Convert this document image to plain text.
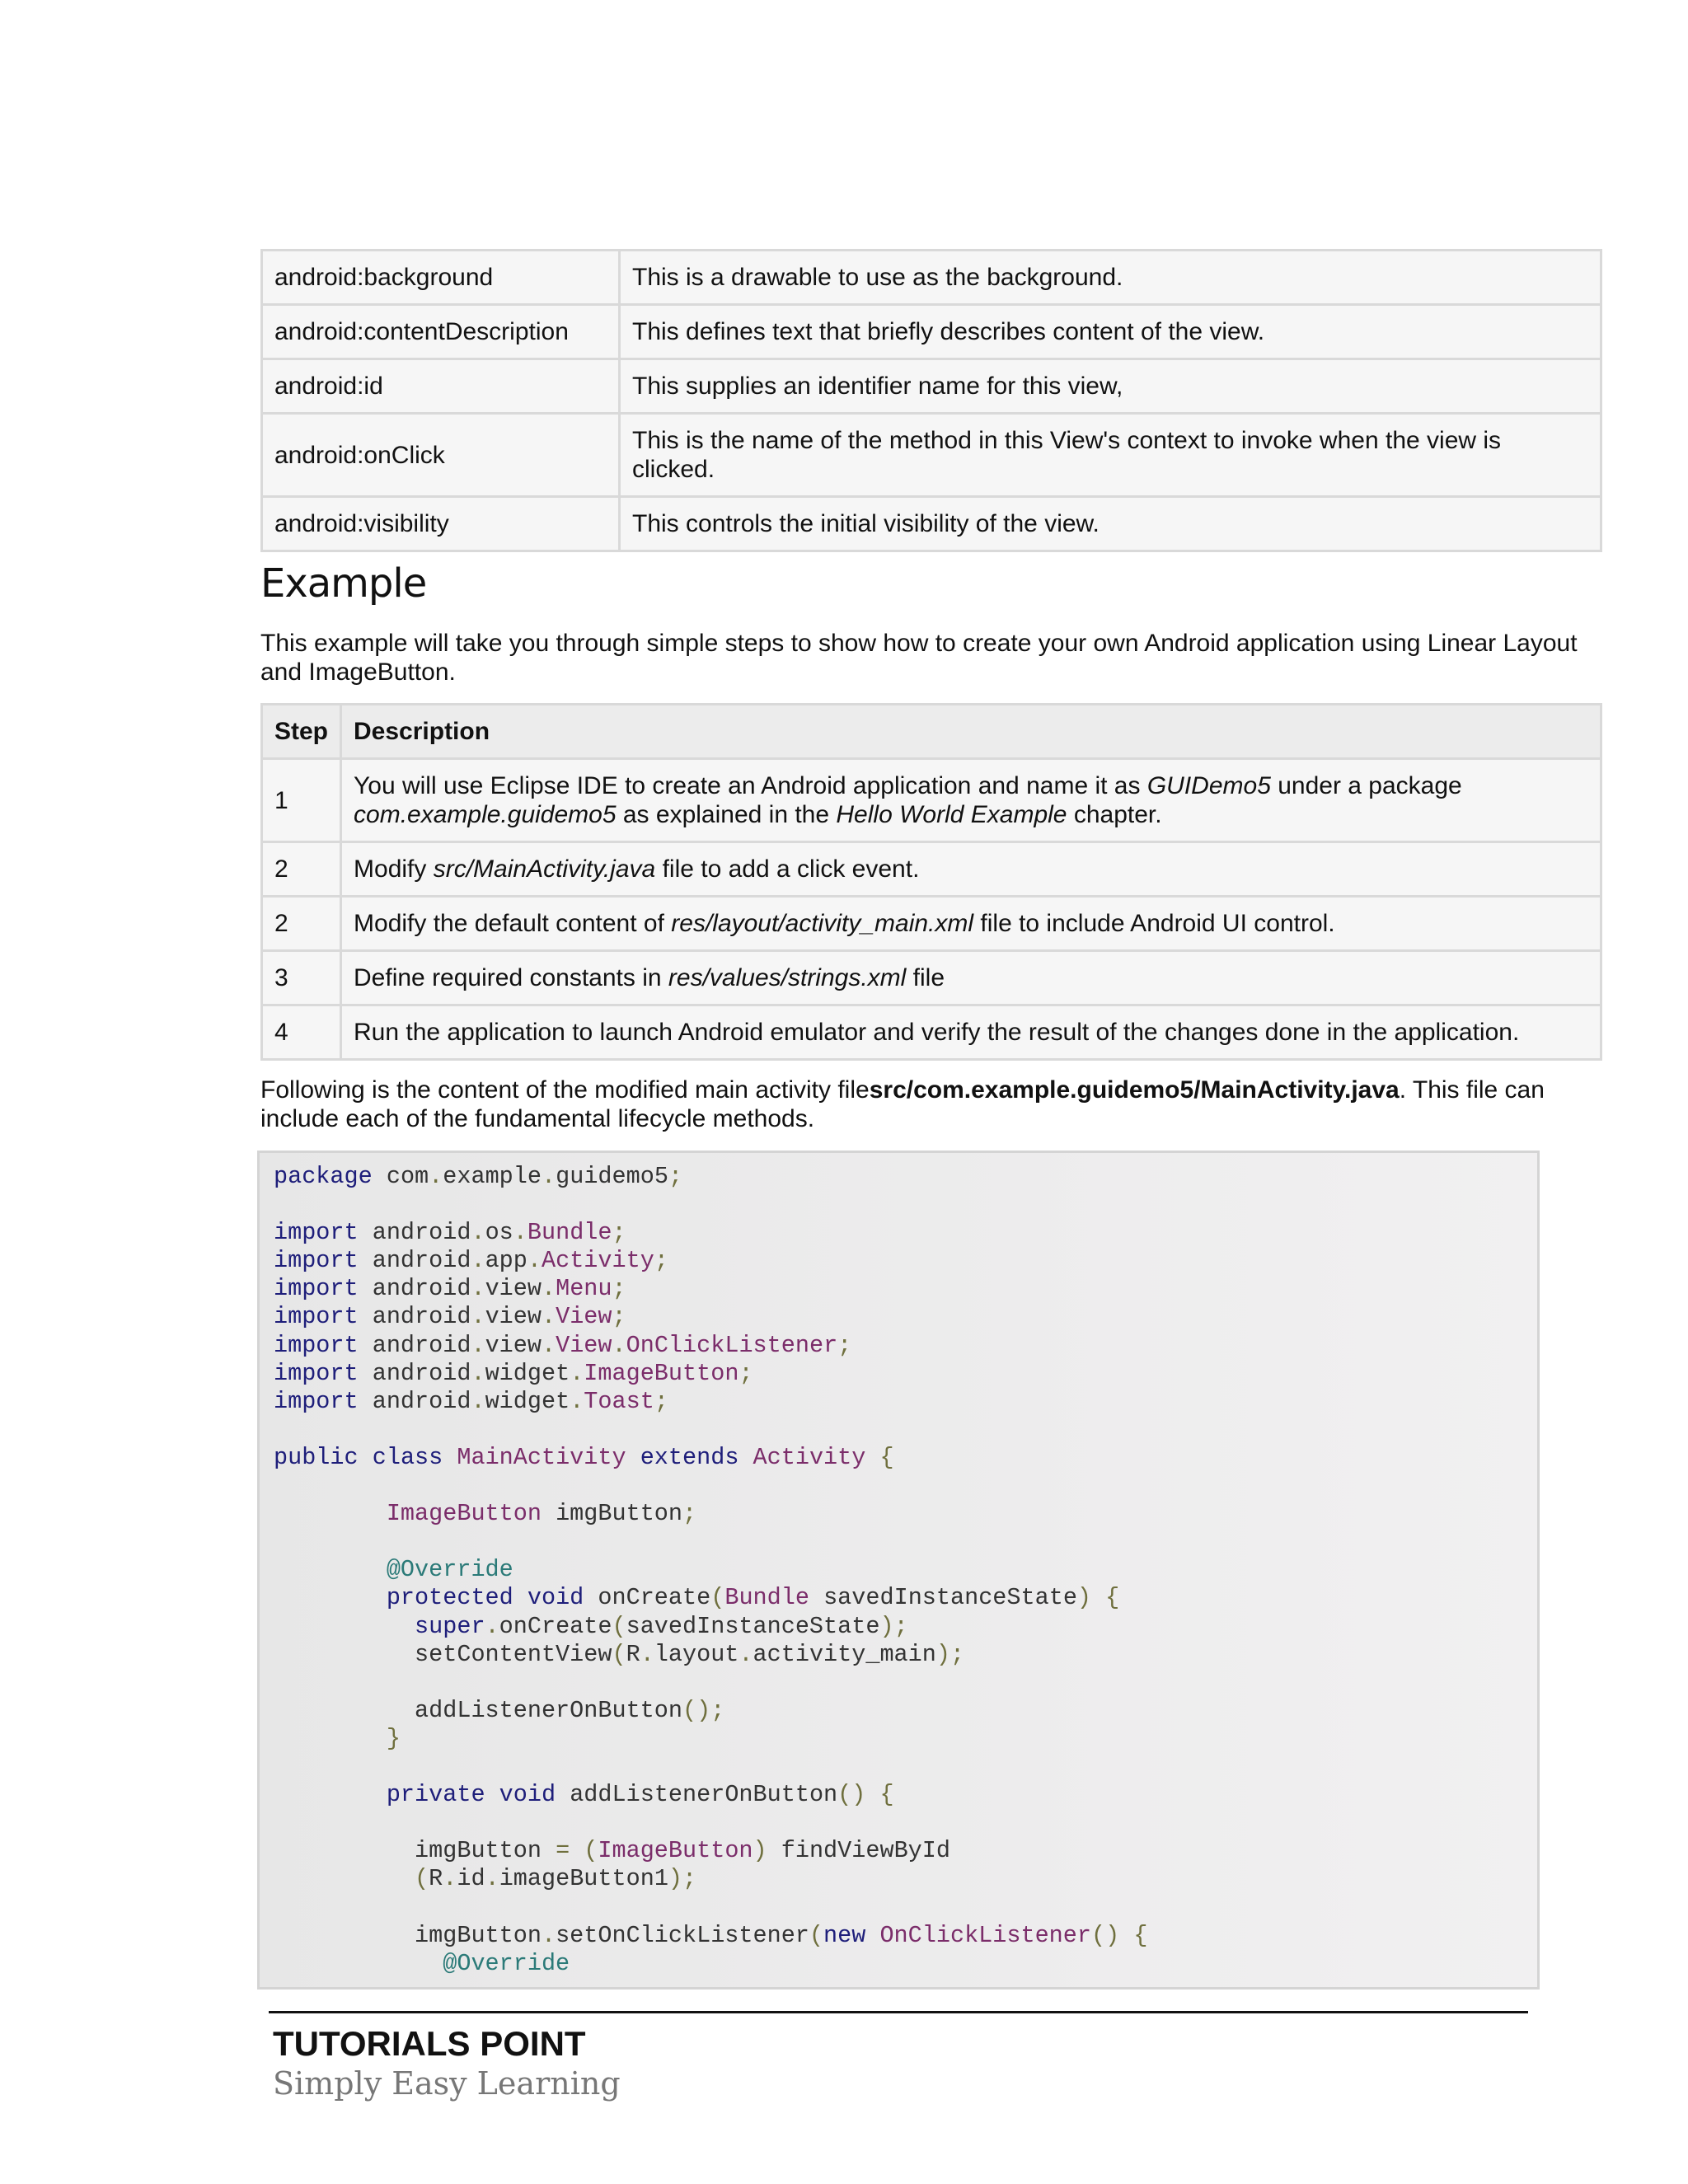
android:background	This is a drawable to use as the background.
android:contentDescription	This defines text that briefly describes content of the view.
android:id	This supplies an identifier name for this view,
android:onClick	This is the name of the method in this View's context to invoke when the view is clicked.
android:visibility	This controls the initial visibility of the view.
Example

This example will take you through simple steps to show how to create your own Android application using Linear Layout and ImageButton.

Step	Description
1	You will use Eclipse IDE to create an Android application and name it as GUIDemo5 under a package
com.example.guidemo5 as explained in the Hello World Example chapter.
2	Modify src/MainActivity.java file to add a click event.
2	Modify the default content of res/layout/activity_main.xml file to include Android UI control.
3	Define required constants in res/values/strings.xml file
4	Run the application to launch Android emulator and verify the result of the changes done in the application.

Following is the content of the modified main activity filesrc/com.example.guidemo5/MainActivity.java. This file can include each of the fundamental lifecycle methods.

package com.example.guidemo5;

import android.os.Bundle;
import android.app.Activity;
import android.view.Menu;
import android.view.View;
import android.view.View.OnClickListener;
import android.widget.ImageButton;
import android.widget.Toast;

public class MainActivity extends Activity {

ImageButton imgButton;

@Override
protected void onCreate(Bundle savedInstanceState) {
super.onCreate(savedInstanceState);
setContentView(R.layout.activity_main);

addListenerOnButton();
}

private void addListenerOnButton() {

imgButton = (ImageButton) findViewById
(R.id.imageButton1);

imgButton.setOnClickListener(new OnClickListener() {
@Override

TUTORIALS POINT

Simply Easy Learning
